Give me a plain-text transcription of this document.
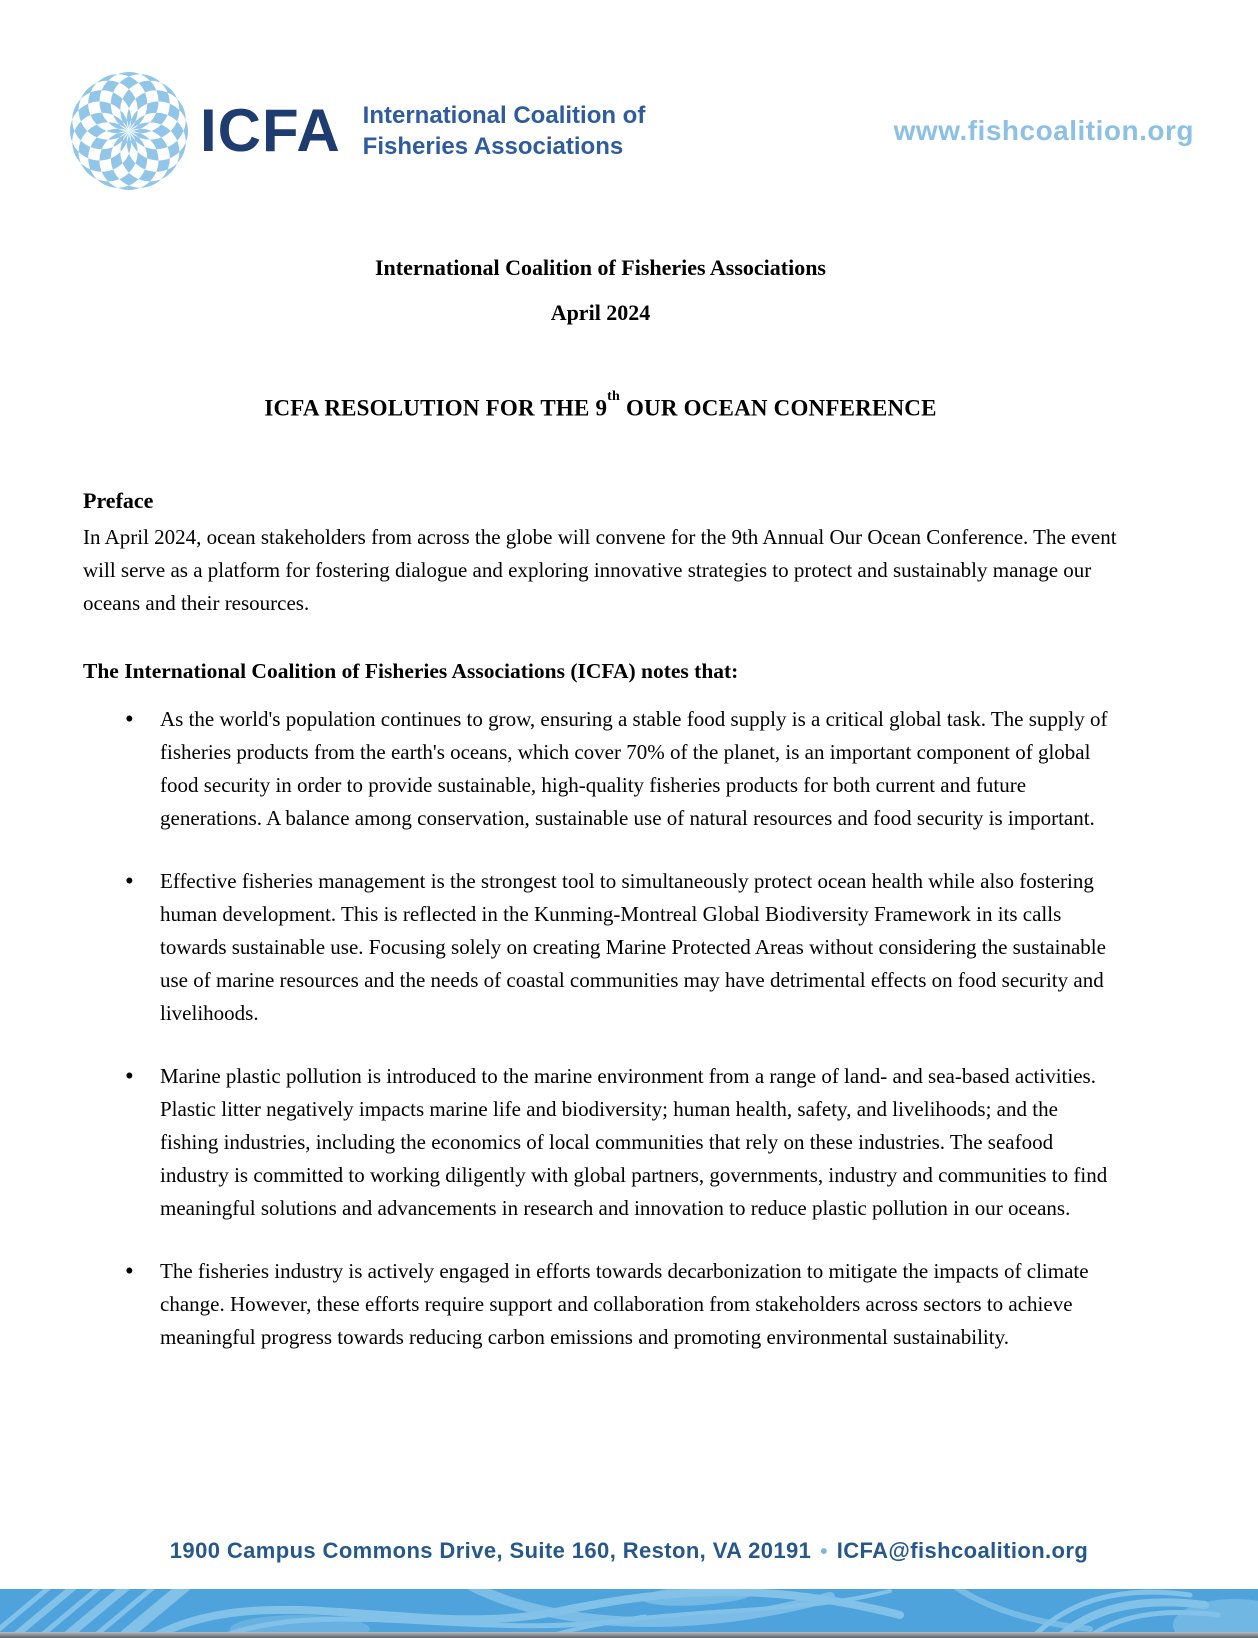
ICFA International Coalition of
Fisheries Associations
www.fishcoalition.org

International Coalition of Fisheries Associations

April 2024

ICFA RESOLUTION FOR THE 9th OUR OCEAN CONFERENCE

Preface

In April 2024, ocean stakeholders from across the globe will convene for the 9th Annual Our Ocean Conference. The event will serve as a platform for fostering dialogue and exploring innovative strategies to protect and sustainably manage our oceans and their resources.

The International Coalition of Fisheries Associations (ICFA) notes that:

• As the world's population continues to grow, ensuring a stable food supply is a critical global task. The supply of fisheries products from the earth's oceans, which cover 70% of the planet, is an important component of global food security in order to provide sustainable, high-quality fisheries products for both current and future generations. A balance among conservation, sustainable use of natural resources and food security is important.
• Effective fisheries management is the strongest tool to simultaneously protect ocean health while also fostering human development. This is reflected in the Kunming-Montreal Global Biodiversity Framework in its calls towards sustainable use. Focusing solely on creating Marine Protected Areas without considering the sustainable use of marine resources and the needs of coastal communities may have detrimental effects on food security and livelihoods.
• Marine plastic pollution is introduced to the marine environment from a range of land- and sea-based activities. Plastic litter negatively impacts marine life and biodiversity; human health, safety, and livelihoods; and the fishing industries, including the economics of local communities that rely on these industries. The seafood industry is committed to working diligently with global partners, governments, industry and communities to find meaningful solutions and advancements in research and innovation to reduce plastic pollution in our oceans.
• The fisheries industry is actively engaged in efforts towards decarbonization to mitigate the impacts of climate change. However, these efforts require support and collaboration from stakeholders across sectors to achieve meaningful progress towards reducing carbon emissions and promoting environmental sustainability.
1900 Campus Commons Drive, Suite 160, Reston, VA 20191 • ICFA@fishcoalition.org
